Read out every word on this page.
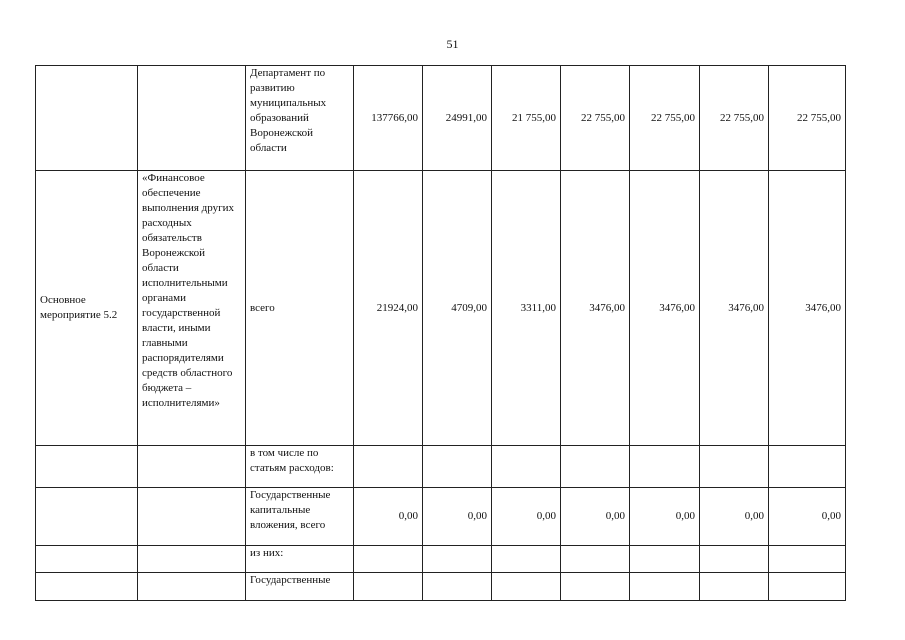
51
		Департамент по развитию муниципальных образований Воронежской области	137766,00	24991,00	21 755,00	22 755,00	22 755,00	22 755,00	22 755,00
Основное мероприятие 5.2	«Финансовое обеспечение выполнения других расходных обязательств Воронежской области исполнительными органами государственной власти, иными главными распорядителями средств областного бюджета – исполнителями»	всего	21924,00	4709,00	3311,00	3476,00	3476,00	3476,00	3476,00
		в том числе по статьям расходов:							
		Государственные капитальные вложения, всего	0,00	0,00	0,00	0,00	0,00	0,00	0,00
		из них:							
		Государственные							
